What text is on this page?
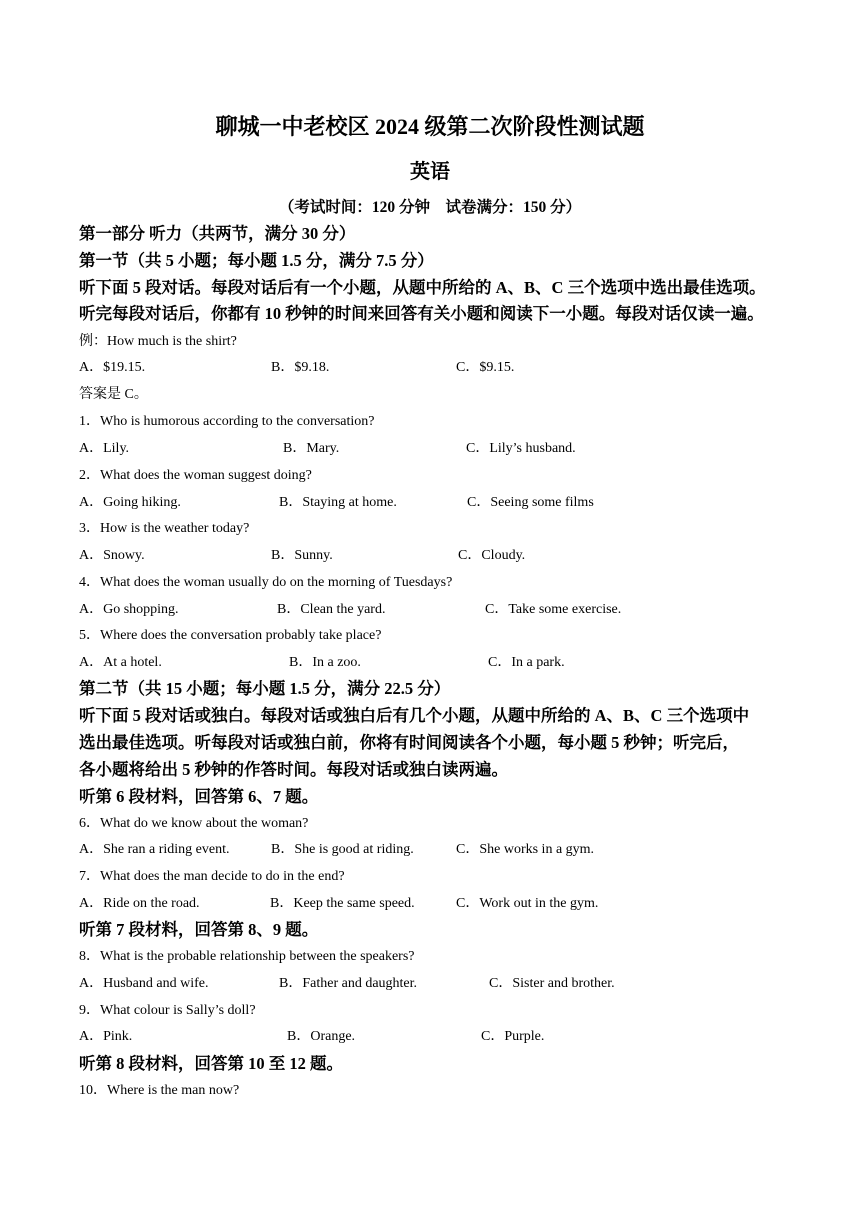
聊城一中老校区 2024 级第二次阶段性测试题
英语
（考试时间：120 分钟　试卷满分：150 分）
第一部分 听力（共两节，满分 30 分）
第一节（共 5 小题；每小题 1.5 分，满分 7.5 分）
听下面 5 段对话。每段对话后有一个小题，从题中所给的 A、B、C 三个选项中选出最佳选项。
听完每段对话后，你都有 10 秒钟的时间来回答有关小题和阅读下一小题。每段对话仅读一遍。
例：How much is the shirt?
A．$19.15.	B．$9.18.	C．$9.15.
答案是 C。
1．Who is humorous according to the conversation?
A．Lily.	B．Mary.	C．Lily’s husband.
2．What does the woman suggest doing?
A．Going hiking.	B．Staying at home.	C．Seeing some films
3．How is the weather today?
A．Snowy.	B．Sunny.	C．Cloudy.
4．What does the woman usually do on the morning of Tuesdays?
A．Go shopping.	B．Clean the yard.	C．Take some exercise.
5．Where does the conversation probably take place?
A．At a hotel.	B．In a zoo.	C．In a park.
第二节（共 15 小题；每小题 1.5 分，满分 22.5 分）
听下面 5 段对话或独白。每段对话或独白后有几个小题，从题中所给的 A、B、C 三个选项中
选出最佳选项。听每段对话或独白前，你将有时间阅读各个小题，每小题 5 秒钟；听完后，
各小题将给出 5 秒钟的作答时间。每段对话或独白读两遍。
听第 6 段材料，回答第 6、7 题。
6．What do we know about the woman?
A．She ran a riding event.	B．She is good at riding.	C．She works in a gym.
7．What does the man decide to do in the end?
A．Ride on the road.	B．Keep the same speed.	C．Work out in the gym.
听第 7 段材料，回答第 8、9 题。
8．What is the probable relationship between the speakers?
A．Husband and wife.	B．Father and daughter.	C．Sister and brother.
9．What colour is Sally’s doll?
A．Pink.	B．Orange.	C．Purple.
听第 8 段材料，回答第 10 至 12 题。
10．Where is the man now?
